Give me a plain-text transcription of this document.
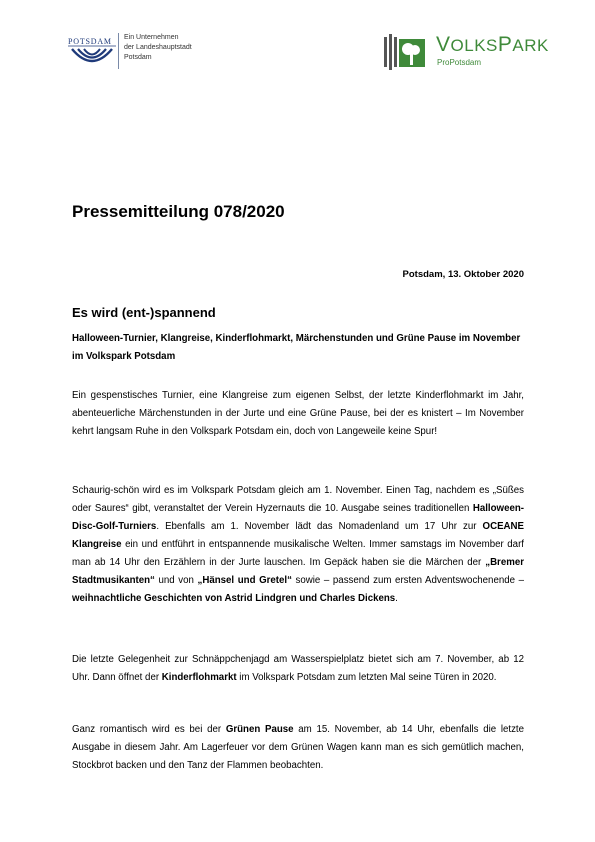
POTSDAM Ein Unternehmen
der Landeshauptstadt
Potsdam
VOLKSPARK
ProPotsdam
Pressemitteilung 078/2020
Potsdam, 13. Oktober 2020
Es wird (ent-)spannend
Halloween-Turnier, Klangreise, Kinderflohmarkt, Märchenstunden und Grüne Pause im November im Volkspark Potsdam
Ein gespenstisches Turnier, eine Klangreise zum eigenen Selbst, der letzte Kinderflohmarkt im Jahr, abenteuerliche Märchenstunden in der Jurte und eine Grüne Pause, bei der es knistert – Im November kehrt langsam Ruhe in den Volkspark Potsdam ein, doch von Langeweile keine Spur!
Schaurig-schön wird es im Volkspark Potsdam gleich am 1. November. Einen Tag, nachdem es „Süßes oder Saures“ gibt, veranstaltet der Verein Hyzernauts die 10. Ausgabe seines traditionellen Halloween-Disc-Golf-Turniers. Ebenfalls am 1. November lädt das Nomadenland um 17 Uhr zur OCEANE Klangreise ein und entführt in entspannende musikalische Welten. Immer samstags im November darf man ab 14 Uhr den Erzählern in der Jurte lauschen. Im Gepäck haben sie die Märchen der „Bremer Stadtmusikanten“ und von „Hänsel und Gretel“ sowie – passend zum ersten Adventswochenende – weihnachtliche Geschichten von Astrid Lindgren und Charles Dickens.
Die letzte Gelegenheit zur Schnäppchenjagd am Wasserspielplatz bietet sich am 7. November, ab 12 Uhr. Dann öffnet der Kinderflohmarkt im Volkspark Potsdam zum letzten Mal seine Türen in 2020.
Ganz romantisch wird es bei der Grünen Pause am 15. November, ab 14 Uhr, ebenfalls die letzte Ausgabe in diesem Jahr. Am Lagerfeuer vor dem Grünen Wagen kann man es sich gemütlich machen, Stockbrot backen und den Tanz der Flammen beobachten.
